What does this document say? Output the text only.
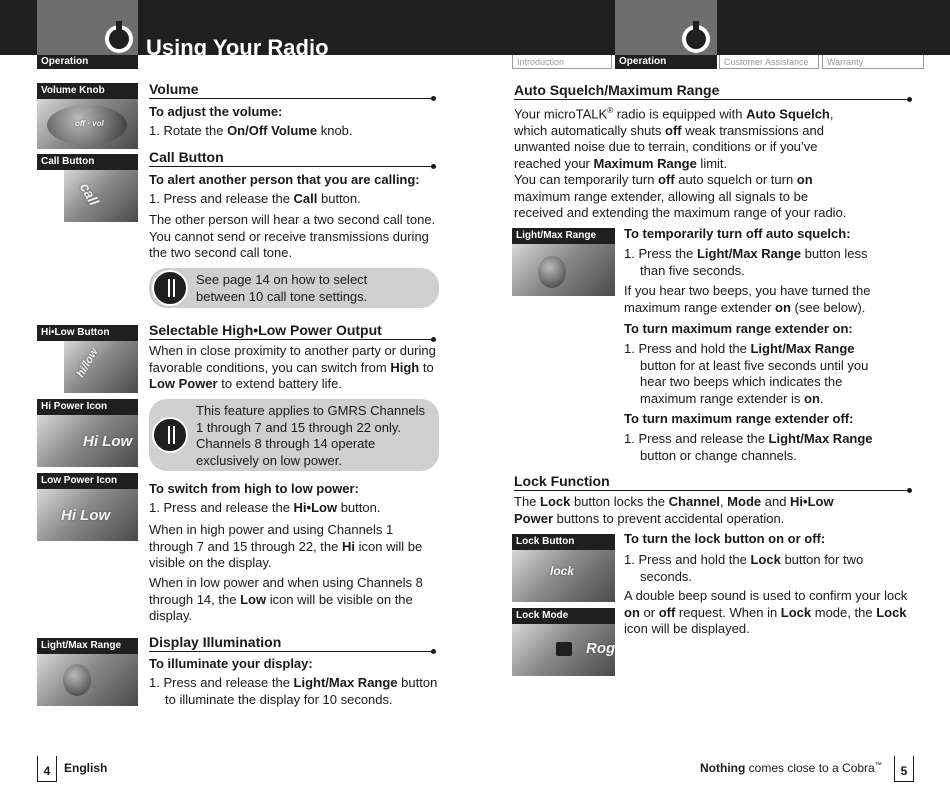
Operation
Using Your Radio
Introduction	Operation	Customer Assistance	Warranty
Volume Knob
off · vol
Call Button
call
Hi•Low Button
hi/low
Hi Power Icon
Hi Low
Low Power Icon
Hi Low
Light/Max Range
Volume
To adjust the volume:
1. Rotate the On/Off Volume knob.
Call Button
To alert another person that you are calling:
1. Press and release the Call button.
The other person will hear a two second call tone. You cannot send or receive transmissions during the two second call tone.
See page 14 on how to select between 10 call tone settings.
Selectable High•Low Power Output
When in close proximity to another party or during favorable conditions, you can switch from High to Low Power to extend battery life.
This feature applies to GMRS Channels 1 through 7 and 15 through 22 only. Channels 8 through 14 operate exclusively on low power.
To switch from high to low power:
1. Press and release the Hi•Low button.
When in high power and using Channels 1 through 7 and 15 through 22, the Hi icon will be visible on the display.
When in low power and when using Channels 8 through 14, the Low icon will be visible on the display.
Display Illumination
To illuminate your display:
1. Press and release the Light/Max Range button to illuminate the display for 10 seconds.
Light/Max Range
Lock Button
lock
Lock Mode
Rog
Auto Squelch/Maximum Range
Your microTALK® radio is equipped with Auto Squelch, which automatically shuts off weak transmissions and unwanted noise due to terrain, conditions or if you’ve reached your Maximum Range limit.
You can temporarily turn off auto squelch or turn on maximum range extender, allowing all signals to be received and extending the maximum range of your radio.
To temporarily turn off auto squelch:
1. Press the Light/Max Range button less than five seconds.
If you hear two beeps, you have turned the maximum range extender on (see below).
To turn maximum range extender on:
1. Press and hold the Light/Max Range button for at least five seconds until you hear two beeps which indicates the maximum range extender is on.
To turn maximum range extender off:
1. Press and release the Light/Max Range button or change channels.
Lock Function
The Lock button locks the Channel, Mode and Hi•Low Power buttons to prevent accidental operation.
To turn the lock button on or off:
1. Press and hold the Lock button for two seconds.
A double beep sound is used to confirm your lock on or off request. When in Lock mode, the Lock icon will be displayed.
4	English	Nothing comes close to a Cobra™	5
